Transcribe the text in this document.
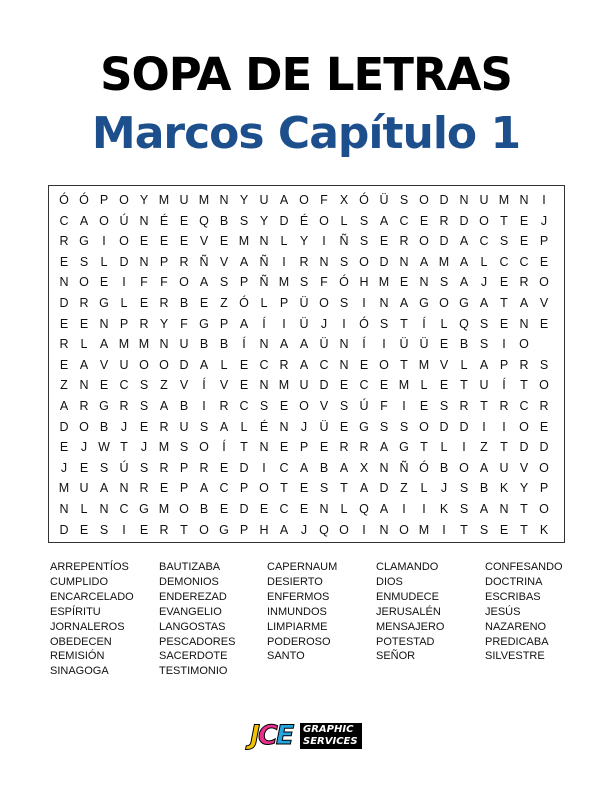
SOPA DE LETRAS
Marcos Capítulo 1
Ó Ó P O Y M U M N Y U A O F X Ó Ü S O D N U M N	I
C A O Ú N É E Q B S Y D É O L S A C E R D O T E	J
R G	I	O E E E V E M N L Y	I	Ñ S E R O D A C S E P
E S L D N P R Ñ V A Ñ	I	R N S O D N A M A L C C E
N O E	I	F F O A S P Ñ M S F Ó H M E N S A	J	E R O
D R G L E R B E Z Ó L P Ü O S	I	N A G O G A T A V
E E N P R Y F G P A	Í	I	Ü J	I	Ó S T	Í	L Q S E N E
R L A M M N U B B	Í	N A A Ü N	Í	I	Ü Ü E B S	I	O
E A V U O O D A L E C R A C N E O T M V L A P R S
Z N E C S Z V	Í	V E N M U D E C E M L E T U	Í	T O
A R G R S A B	I	R C S E O V S Ú F	I	E S R T R C R
D O B	J	E R U S A L É N J Ü E G S S O D D	I	I	O E
E	J W T	J M S O	Í	T N E P E R R A G T	L	I	Z T D D
J	E S Ú S R P R E D	I	C A B A X N Ñ Ó B O A U V O
M U A N R E P A C P O T E S T A D Z	L	J	S B K Y P
N L N C G M O B E D E C E N L Q A	I	I	K S A N T O
D E S	I	E R T O G P H A	J Q O	I	N O M	I	T S E T K
ARREPENTÍOS	BAUTIZABA	CAPERNAUM	CLAMANDO	CONFESANDO
CUMPLIDO	DEMONIOS	DESIERTO	DIOS	DOCTRINA
ENCARCELADO ENDEREZAD	ENFERMOS	ENMUDECE	ESCRIBAS
ESPÍRITU	EVANGELIO	INMUNDOS	JERUSALÉN	JESÚS
JORNALEROS	LANGOSTAS	LIMPIARME	MENSAJERO	NAZARENO
OBEDECEN	PESCADORES	PODEROSO	POTESTAD	PREDICABA
REMISIÓN	SACERDOTE	SANTO	SEÑOR	SILVESTRE
SINAGOGA	TESTIMONIO
JCE GRAPHIC
SERVICES
